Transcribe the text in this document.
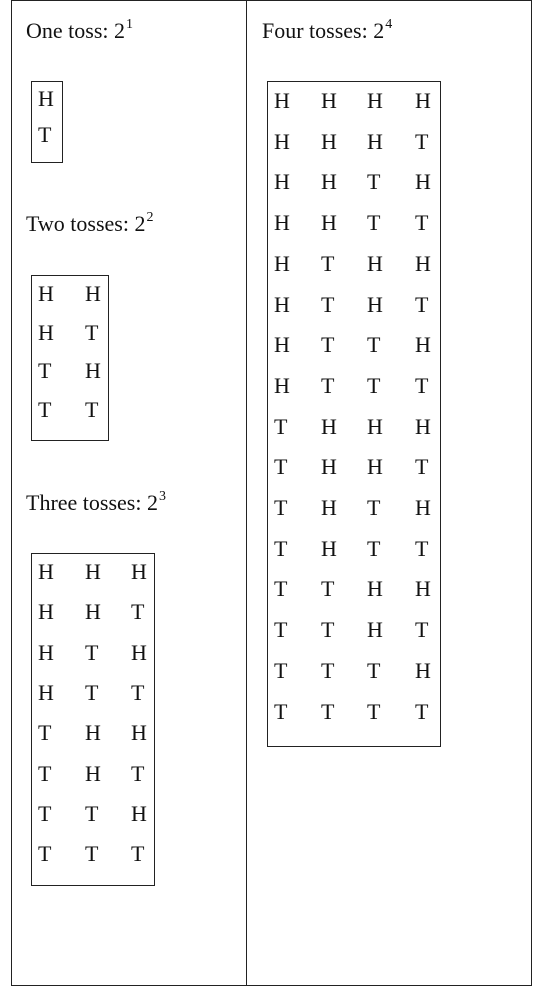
One toss: $2^1$
Two tosses: $2^2$
Three tosses: $2^3$
Four tosses: $2^4$
H
T
H H
H T
T H
T T
H H H
H H T
H T H
H T T
T H H
T H T
T T H
T T T
H H H H
H H H T
H H T H
H H T T
H T H H
H T H T
H T T H
H T T T
T H H H
T H H T
T H T H
T H T T
T T H H
T T H T
T T T H
T T T T
